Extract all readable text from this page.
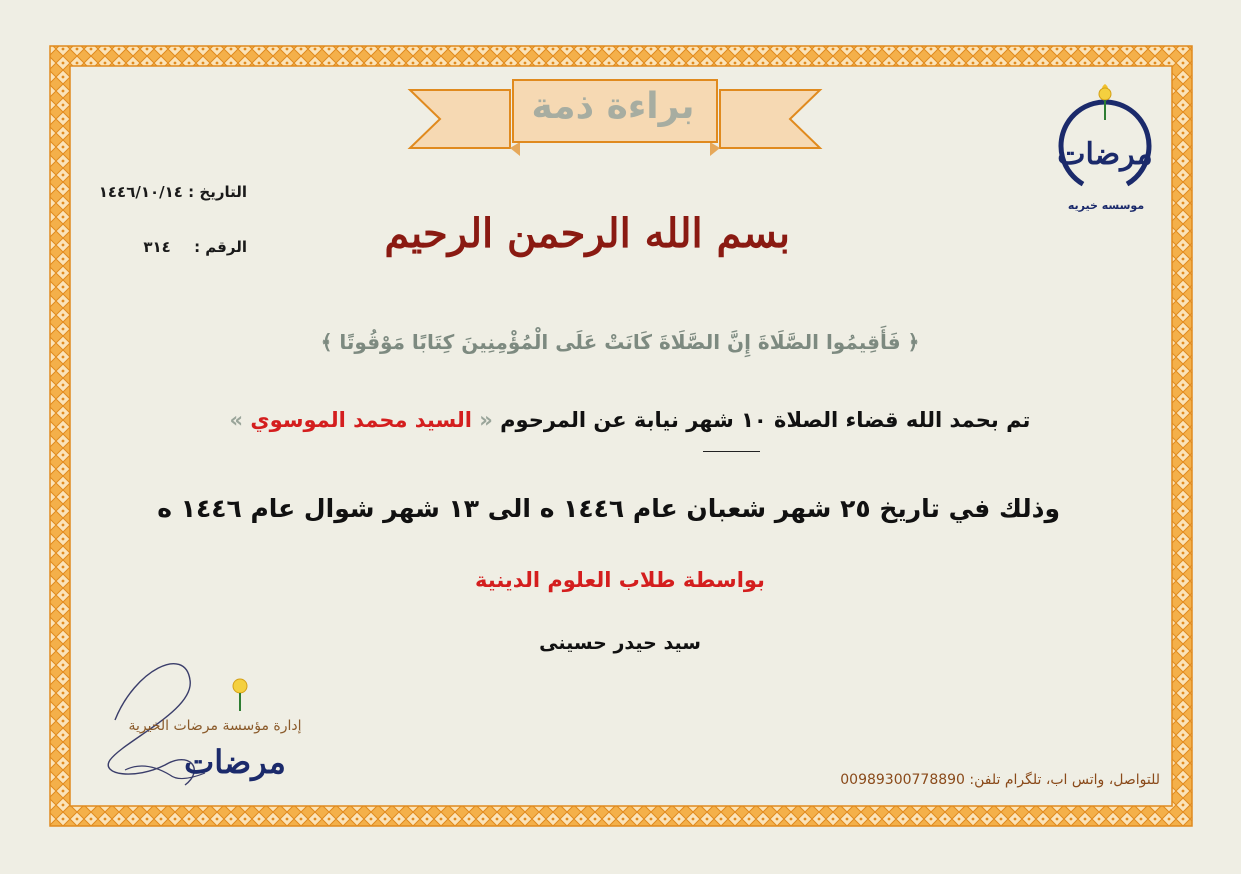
براءة ذمة
مرضات
موسسه خيريه
التاريخ : ١٤٤٦/١٠/١٤
الرقم : ٣١٤	بسم الله الرحمن الرحيم
﴿ فَأَقِيمُوا الصَّلَاةَ إِنَّ الصَّلَاةَ كَانَتْ عَلَى الْمُؤْمِنِينَ كِتَابًا مَوْقُوتًا ﴾
تم بحمد الله قضاء الصلاة ١٠ شهر نيابة عن المرحوم « السيد محمد الموسوي »
وذلك في تاريخ ٢٥ شهر شعبان عام ١٤٤٦ ه الى ١٣ شهر شوال عام ١٤٤٦ ه
بواسطة طلاب العلوم الدينية
سید حیدر حسینی
مرضات
إدارة مؤسسة مرضات الخيرية
للتواصل، واتس اب، تلگرام تلفن: 00989300778890
